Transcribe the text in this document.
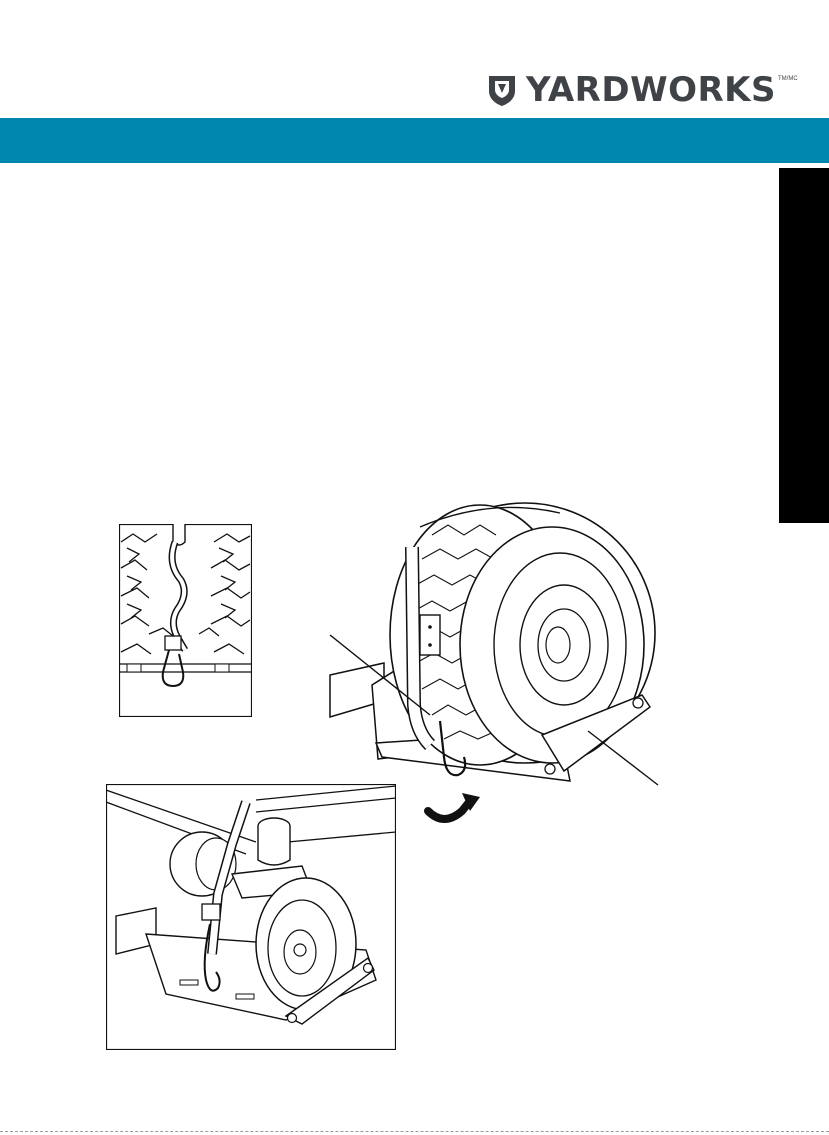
YARDWORKS TM/MC
